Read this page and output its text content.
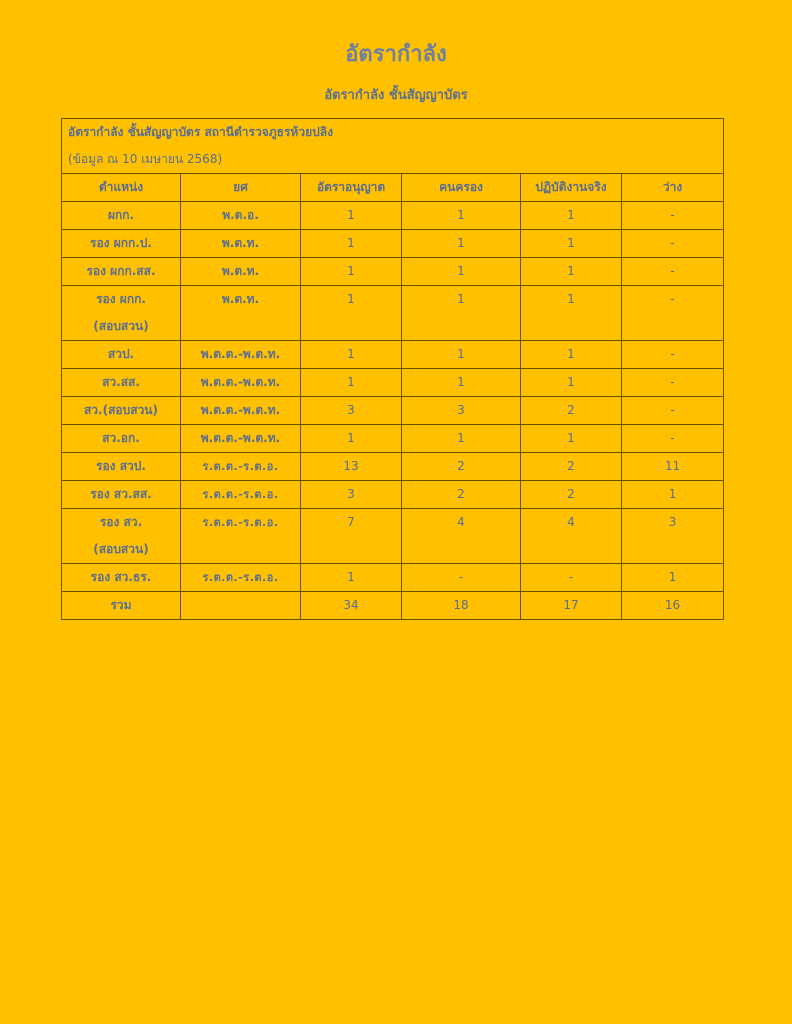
อัตรากำลัง
อัตรากำลัง ชั้นสัญญาบัตร
อัตรากำลัง ชั้นสัญญาบัตร สถานีตำรวจภูธรห้วยปลิง
(ข้อมูล ณ 10 เมษายน 2568)					

ตำแหน่ง	ยศ	อัตราอนุญาต	คนครอง	ปฏิบัติงานจริง	ว่าง
ผกก.	พ.ต.อ.	1	1	1	-
รอง ผกก.ป.	พ.ต.ท.	1	1	1	-
รอง ผกก.สส.	พ.ต.ท.	1	1	1	-

รอง ผกก.
(สอบสวน)	พ.ต.ท.	1	1	1	-
สวป.	พ.ต.ต.-พ.ต.ท.	1	1	1	-
สว.สส.	พ.ต.ต.-พ.ต.ท.	1	1	1	-
สว.(สอบสวน)	พ.ต.ต.-พ.ต.ท.	3	3	2	-
สว.อก.	พ.ต.ต.-พ.ต.ท.	1	1	1	-
รอง สวป.	ร.ต.ต.-ร.ต.อ.	13	2	2	11
รอง สว.สส.	ร.ต.ต.-ร.ต.อ.	3	2	2	1

รอง สว.
(สอบสวน)	ร.ต.ต.-ร.ต.อ.	7	4	4	3
รอง สว.ธร.	ร.ต.ต.-ร.ต.อ.	1	-	-	1
รวม		34	18	17	16
